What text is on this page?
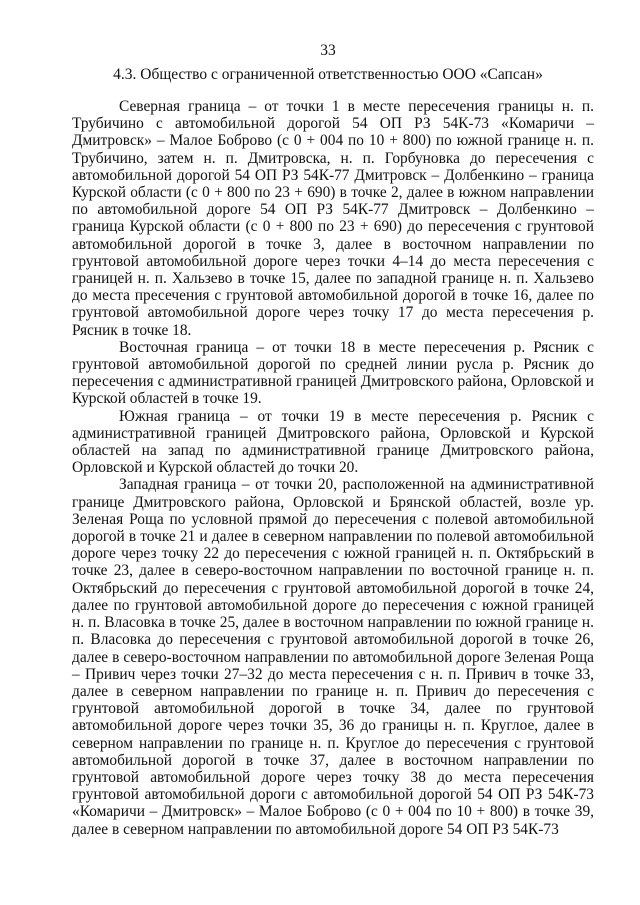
33
4.3. Общество с ограниченной ответственностью ООО «Сапсан»

Северная граница – от точки 1 в месте пересечения границы н. п. Трубичино с автомобильной дорогой 54 ОП РЗ 54К-73 «Комаричи – Дмитровск» – Малое Боброво (с 0 + 004 по 10 + 800) по южной границе н. п. Трубичино, затем н. п. Дмитровска, н. п. Горбуновка до пересечения с автомобильной дорогой 54 ОП РЗ 54К-77 Дмитровск – Долбенкино – граница Курской области (с 0 + 800 по 23 + 690) в точке 2, далее в южном направлении по автомобильной дороге 54 ОП РЗ 54К-77 Дмитровск – Долбенкино – граница Курской области (с 0 + 800 по 23 + 690) до пересечения с грунтовой автомобильной дорогой в точке 3, далее в восточном направлении по грунтовой автомобильной дороге через точки 4–14 до места пересечения с границей н. п. Хальзево в точке 15, далее по западной границе н. п. Хальзево до места пресечения с грунтовой автомобильной дорогой в точке 16, далее по грунтовой автомобильной дороге через точку 17 до места пересечения р. Рясник в точке 18.

Восточная граница – от точки 18 в месте пересечения р. Рясник с грунтовой автомобильной дорогой по средней линии русла р. Рясник до пересечения с административной границей Дмитровского района, Орловской и Курской областей в точке 19.

Южная граница – от точки 19 в месте пересечения р. Рясник с административной границей Дмитровского района, Орловской и Курской областей на запад по административной границе Дмитровского района, Орловской и Курской областей до точки 20.

Западная граница – от точки 20, расположенной на административной границе Дмитровского района, Орловской и Брянской областей, возле ур. Зеленая Роща по условной прямой до пересечения с полевой автомобильной дорогой в точке 21 и далее в северном направлении по полевой автомобильной дороге через точку 22 до пересечения с южной границей н. п. Октябрьский в точке 23, далее в северо-восточном направлении по восточной границе н. п. Октябрьский до пересечения с грунтовой автомобильной дорогой в точке 24, далее по грунтовой автомобильной дороге до пересечения с южной границей н. п. Власовка в точке 25, далее в восточном направлении по южной границе н. п. Власовка до пересечения с грунтовой автомобильной дорогой в точке 26, далее в северо-восточном направлении по автомобильной дороге Зеленая Роща – Привич через точки 27–32 до места пересечения с н. п. Привич в точке 33, далее в северном направлении по границе н. п. Привич до пересечения с грунтовой автомобильной дорогой в точке 34, далее по грунтовой автомобильной дороге через точки 35, 36 до границы н. п. Круглое, далее в северном направлении по границе н. п. Круглое до пересечения с грунтовой автомобильной дорогой в точке 37, далее в восточном направлении по грунтовой автомобильной дороге через точку 38 до места пересечения грунтовой автомобильной дороги с автомобильной дорогой 54 ОП РЗ 54К-73 «Комаричи – Дмитровск» – Малое Боброво (с 0 + 004 по 10 + 800) в точке 39, далее в северном направлении по автомобильной дороге 54 ОП РЗ 54К-73
